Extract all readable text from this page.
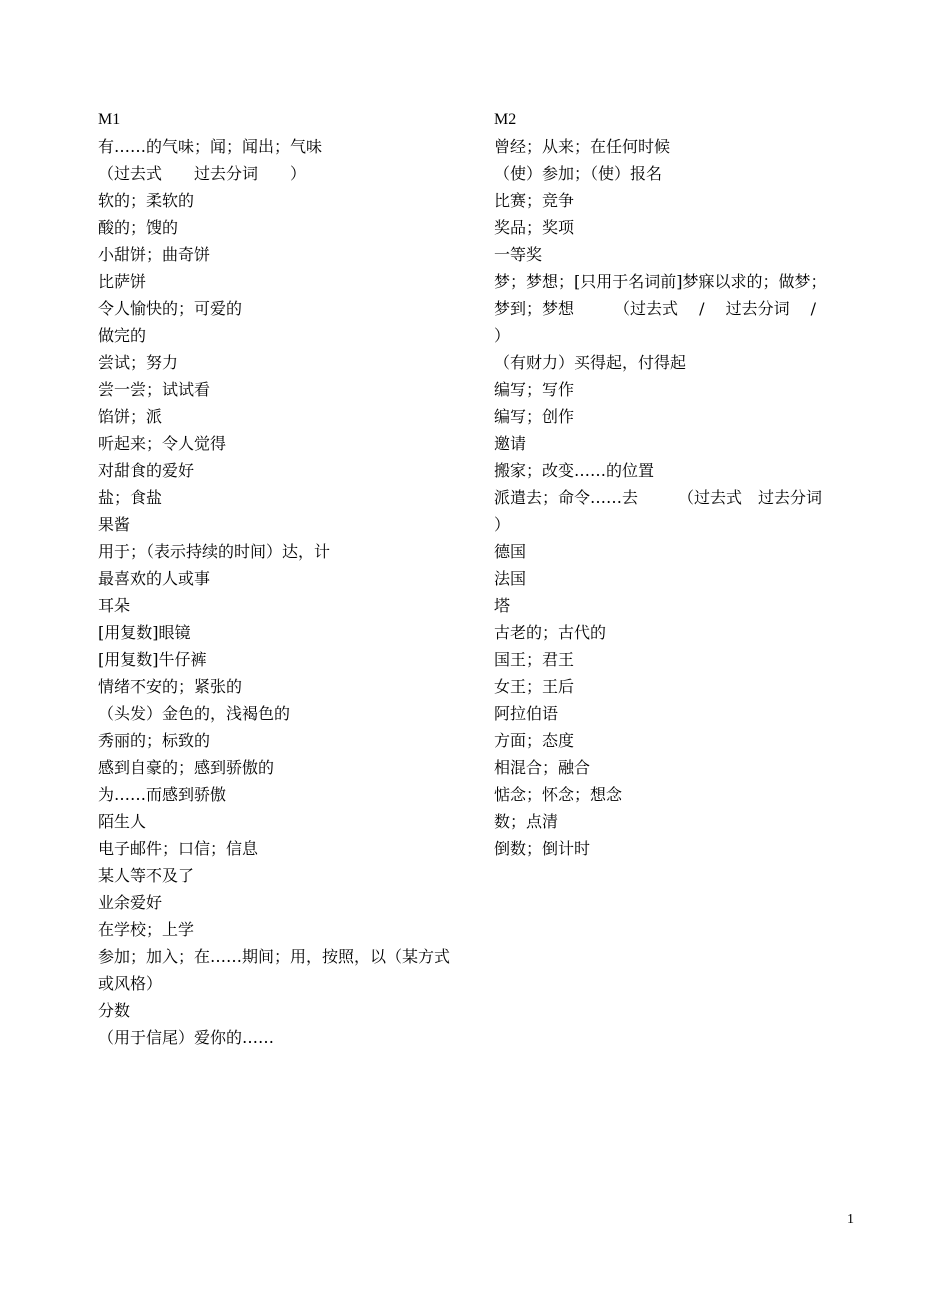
M1
有……的气味；闻；闻出；气味
（过去式　　过去分词　　）
软的；柔软的
酸的；馊的
小甜饼；曲奇饼
比萨饼
令人愉快的；可爱的
做完的
尝试；努力
尝一尝；试试看
馅饼；派
听起来；令人觉得
对甜食的爱好
盐；食盐
果酱
用于；（表示持续的时间）达，计
最喜欢的人或事
耳朵
[用复数]眼镜
[用复数]牛仔裤
情绪不安的；紧张的
（头发）金色的，浅褐色的
秀丽的；标致的
感到自豪的；感到骄傲的
为……而感到骄傲
陌生人
电子邮件；口信；信息
某人等不及了
业余爱好
在学校；上学
参加；加入；在……期间；用，按照，以（某方式
或风格）
分数
（用于信尾）爱你的……
M2
曾经；从来；在任何时候
（使）参加；（使）报名
比赛；竞争
奖品；奖项
一等奖
梦；梦想；[只用于名词前]梦寐以求的；做梦；
梦到；梦想　　　（过去式　 /　 过去分词　 /
）
（有财力）买得起，付得起
编写；写作
编写；创作
邀请
搬家；改变……的位置
派遣去；命令……去　　　（过去式　过去分词
）
德国
法国
塔
古老的；古代的
国王；君王
女王；王后
阿拉伯语
方面；态度
相混合；融合
惦念；怀念；想念
数；点清
倒数；倒计时
1
